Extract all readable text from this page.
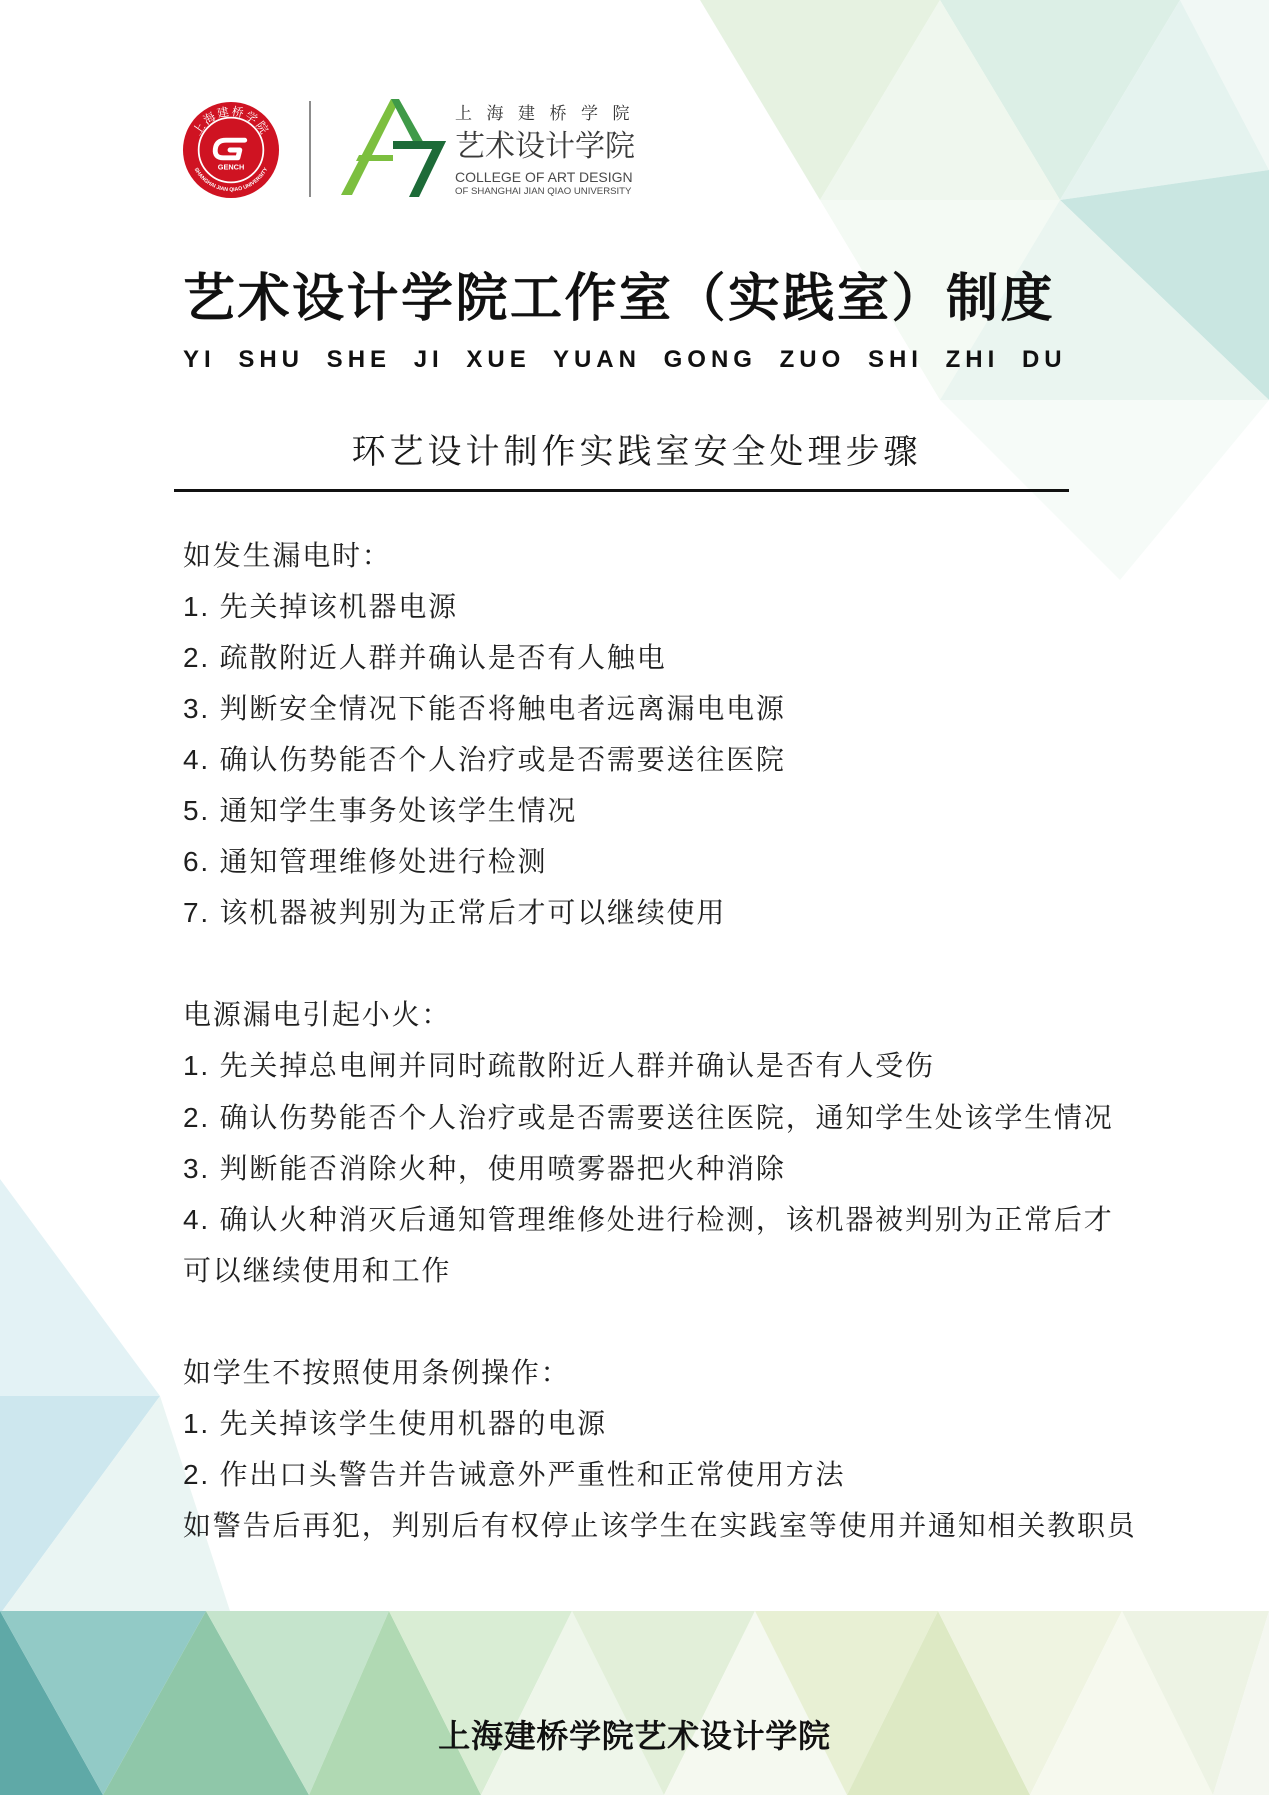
上海建桥学院
SHANGHAI JIAN QIAO UNIVERSITY
GENCH
上海建桥学院
艺术设计学院
COLLEGE OF ART DESIGN
OF SHANGHAI JIAN QIAO UNIVERSITY
艺术设计学院工作室（实践室）制度
YI SHU SHE JI XUE YUAN GONG ZUO SHI ZHI DU
环艺设计制作实践室安全处理步骤
如发生漏电时：
1. 先关掉该机器电源
2. 疏散附近人群并确认是否有人触电
3. 判断安全情况下能否将触电者远离漏电电源
4. 确认伤势能否个人治疗或是否需要送往医院
5. 通知学生事务处该学生情况
6. 通知管理维修处进行检测
7. 该机器被判别为正常后才可以继续使用
电源漏电引起小火：
1. 先关掉总电闸并同时疏散附近人群并确认是否有人受伤
2. 确认伤势能否个人治疗或是否需要送往医院，通知学生处该学生情况
3. 判断能否消除火种，使用喷雾器把火种消除
4. 确认火种消灭后通知管理维修处进行检测，该机器被判别为正常后才
可以继续使用和工作
如学生不按照使用条例操作：
1. 先关掉该学生使用机器的电源
2. 作出口头警告并告诫意外严重性和正常使用方法
如警告后再犯，判别后有权停止该学生在实践室等使用并通知相关教职员
上海建桥学院艺术设计学院
